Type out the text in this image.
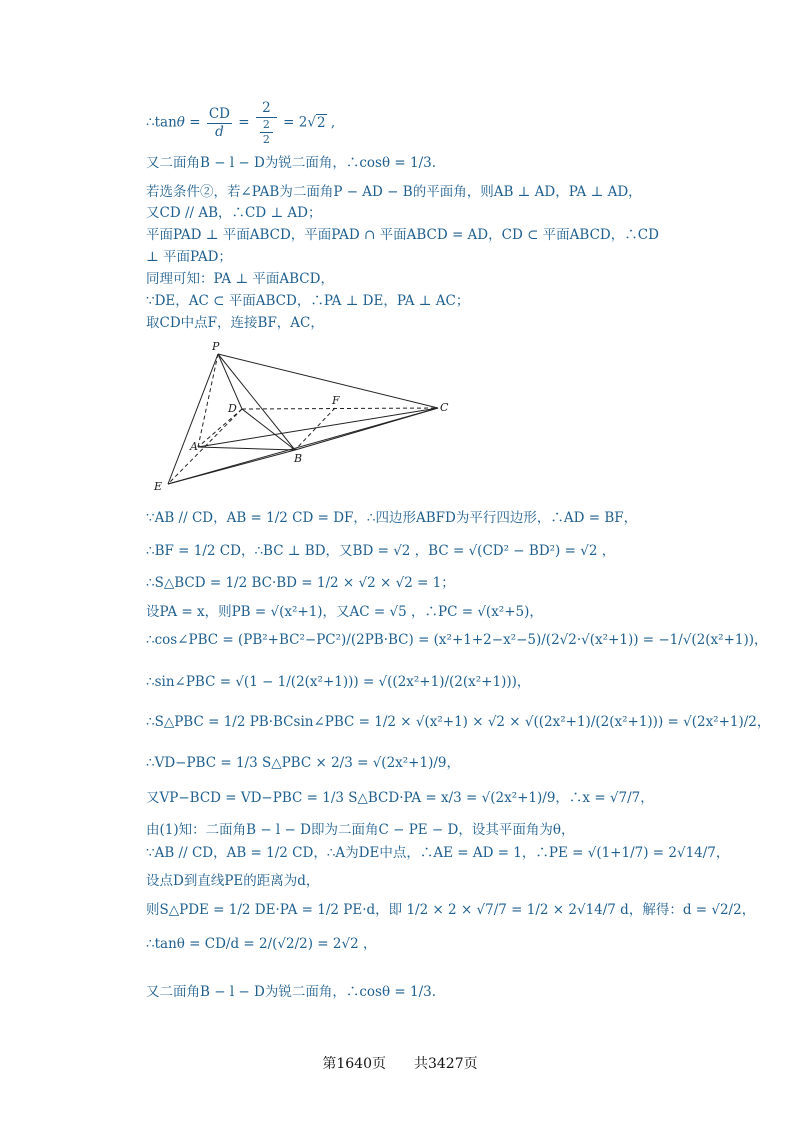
∴tanθ = $\frac{CD}{d} = \frac{2}{\frac{2}{2}} = 2√2$ ,
又二面角B − l − D为锐二面角，∴cosθ = 1/3.
若选条件②，若∠PAB为二面角P − AD − B的平面角，则AB ⊥ AD，PA ⊥ AD，
又CD // AB，∴CD ⊥ AD；
平面PAD ⊥ 平面ABCD，平面PAD ∩ 平面ABCD = AD，CD ⊂ 平面ABCD，∴CD
⊥ 平面PAD；
同理可知：PA ⊥ 平面ABCD，
∵DE，AC ⊂ 平面ABCD，∴PA ⊥ DE，PA ⊥ AC；
取CD中点F，连接BF，AC，
P
D
F
C
A
B
E
∵AB // CD，AB = 1/2 CD = DF，∴四边形ABFD为平行四边形，∴AD = BF，
∴BF = 1/2 CD，∴BC ⊥ BD，又BD = √2 ，BC = √(CD² − BD²) = √2 ，
∴S△BCD = 1/2 BC·BD = 1/2 × √2 × √2 = 1；
设PA = x，则PB = √(x²+1)，又AC = √5 ，∴PC = √(x²+5)，
∴cos∠PBC = (PB²+BC²−PC²)/(2PB·BC) = (x²+1+2−x²−5)/(2√2·√(x²+1)) = −1/√(2(x²+1))，
∴sin∠PBC = √(1 − 1/(2(x²+1))) = √((2x²+1)/(2(x²+1)))，
∴S△PBC = 1/2 PB·BCsin∠PBC = 1/2 × √(x²+1) × √2 × √((2x²+1)/(2(x²+1))) = √(2x²+1)/2，
∴VD−PBC = 1/3 S△PBC × 2/3 = √(2x²+1)/9，
又VP−BCD = VD−PBC = 1/3 S△BCD·PA = x/3 = √(2x²+1)/9，∴x = √7/7，
由(1)知：二面角B − l − D即为二面角C − PE − D，设其平面角为θ，
∵AB // CD，AB = 1/2 CD，∴A为DE中点，∴AE = AD = 1，∴PE = √(1+1/7) = 2√14/7，
设点D到直线PE的距离为d，
则S△PDE = 1/2 DE·PA = 1/2 PE·d，即 1/2 × 2 × √7/7 = 1/2 × 2√14/7 d，解得：d = √2/2，
∴tanθ = CD/d = 2/(√2/2) = 2√2 ，
又二面角B − l − D为锐二面角，∴cosθ = 1/3.
第1640页　　共3427页
